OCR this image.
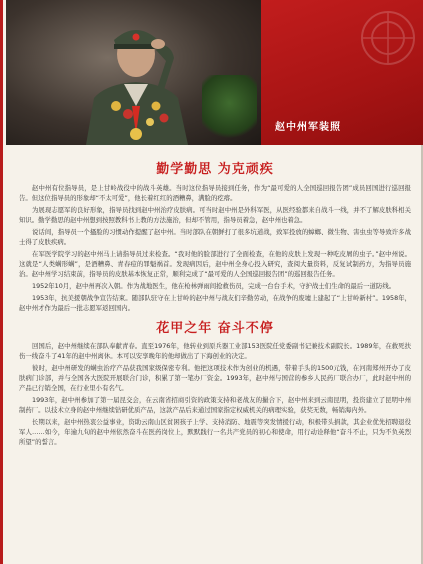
赵中州军装照
勤学勤思 为克顽疾

赵中州有位指导员，是上甘岭战役中的战斗英雄。当时这位指导员接到任务，作为“最可爱的人全国巡回报告团”成员回国进行巡回报告。但这位指导员的形象却“不太可爱”，他长着红红的酒糟鼻，满脸的疙瘩。

为展现志愿军的良好形象，指导员找到赵中州治疗皮肤病。可当时赵中州是外科军医，从医经验都来自战斗一线，并不了解皮肤科相关知识。勤学勤思的赵中州想到按照教科书上教的方法施治，但却不管用，指导员着急，赵中州也着急。

说话间，指导员一个搔脸的习惯动作提醒了赵中州。当时部队在朝鲜打了很多坑道战，致军投放的蟑螂、微生物、害虫虫等导致许多战士得了皮肤疾病。

在军医学院学习的赵中州马上请指导员过来检查。“我对他的脸部进行了全面检查，在他的皮肤上发现一种吃皮屑的虫子。”赵中州说。这就是“人类螨形螨”，是酒糟鼻、青春痘的罪魁祸首。发现病因后，赵中州全身心投入研究，查阅大量资料，反复试制药方，为指导员施治。赵中州学习结束前，指导员的皮肤基本恢复正常，顺利完成了“最可爱的人全国巡回报告团”的巡回报告任务。

1952年10月，赵中州再次入朝。作为战地医生，他在枪林弹雨间抢救伤员，完成一台台手术，守护战士们生命的最后一道防线。

1953年，抗美援朝战争宣告结束。随部队驻守在上甘岭的赵中州与战友们辛勤劳动，在战争的废墟上建起了“上甘岭新村”。1958年，赵中州才作为最后一批志愿军返回国内。

花甲之年 奋斗不停

回国后，赵中州继续在部队奉献青春。直至1976年，他转业到原兵器工业部153医院任党委副书记兼技术副院长。1989年，在救死扶伤一线奋斗了41年的赵中州离休。本可以安享晚年的他却做出了下海创业的决定。

彼时，赵中州研发的螨虫治疗产品获我国家级保密专利。他把这项技术作为创业的机遇，带着手头的1500元钱，在河南郑州开办了皮肤病门诊部，并与全国各大医院开展联合门诊，积累了第一笔办厂资金。1993年，赵中州与国营的参乡人民药厂联合办厂，此时赵中州的产品已行销全国，在行业里小有名气。

1993年，赵中州参加了第一届昆交会，在云南省招商引资的政策支持和老战友的撮合下，赵中州来到云南昆明，投资建立了昆明中州制药厂。以技术立身的赵中州继续钻研优质产品，这款产品后来通过国家指定权威机关的病理实验，获奖无数，畅销海内外。

长期以来，赵中州热衷公益事业，资助云南山区贫困孩子上学、支持消防、地震等突发情援行动，积极带头捐款，其企业优先招聘退役军人……如今，年逾九旬的赵中州依然奋斗在医药岗位上，默默践行一名共产党员的初心和使命，用行动诠释他“奋斗不止，只为不负英烈所望”的誓言。
